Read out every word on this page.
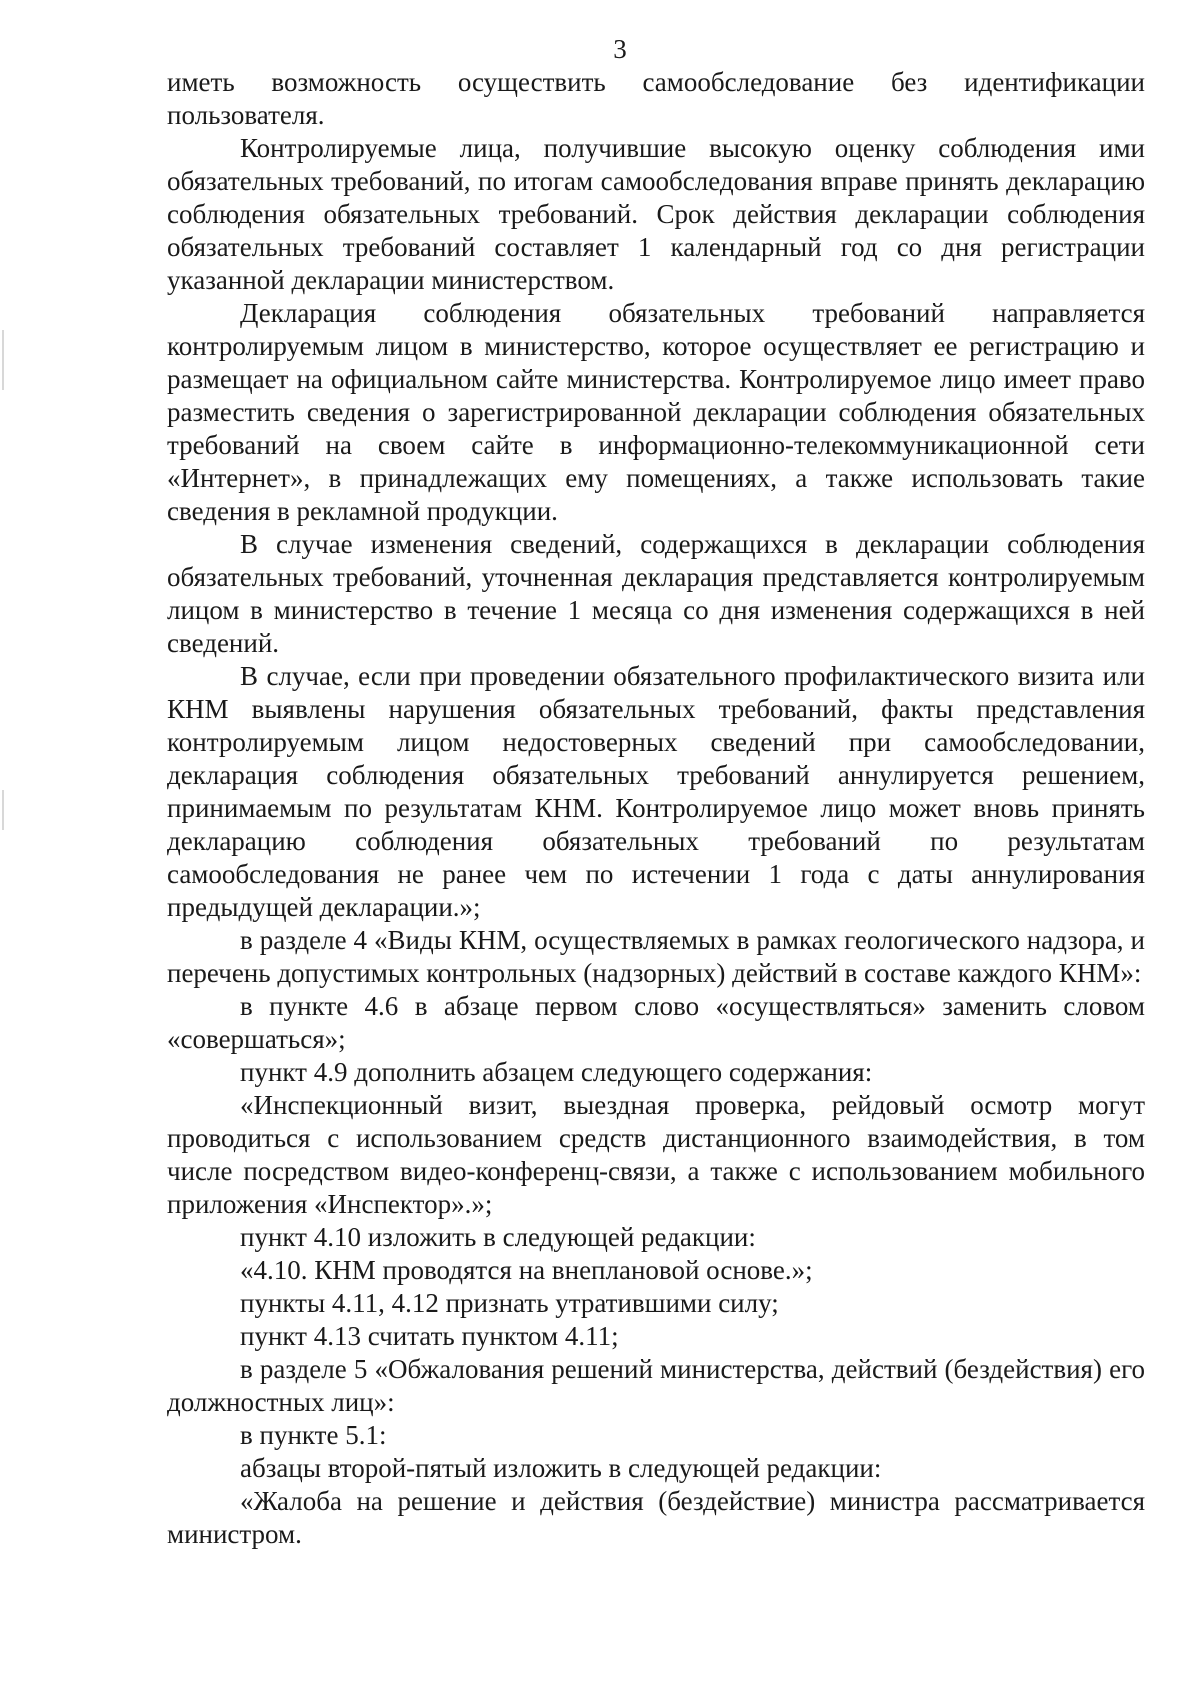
3

иметь возможность осуществить самообследование без идентификации пользователя.

Контролируемые лица, получившие высокую оценку соблюдения ими обязательных требований, по итогам самообследования вправе принять декларацию соблюдения обязательных требований. Срок действия декларации соблюдения обязательных требований составляет 1 календарный год со дня регистрации указанной декларации министерством.

Декларация соблюдения обязательных требований направляется контролируемым лицом в министерство, которое осуществляет ее регистрацию и размещает на официальном сайте министерства. Контролируемое лицо имеет право разместить сведения о зарегистрированной декларации соблюдения обязательных требований на своем сайте в информационно-телекоммуникационной сети «Интернет», в принадлежащих ему помещениях, а также использовать такие сведения в рекламной продукции.

В случае изменения сведений, содержащихся в декларации соблюдения обязательных требований, уточненная декларация представляется контролируемым лицом в министерство в течение 1 месяца со дня изменения содержащихся в ней сведений.

В случае, если при проведении обязательного профилактического визита или КНМ выявлены нарушения обязательных требований, факты представления контролируемым лицом недостоверных сведений при самообследовании, декларация соблюдения обязательных требований аннулируется решением, принимаемым по результатам КНМ. Контролируемое лицо может вновь принять декларацию соблюдения обязательных требований по результатам самообследования не ранее чем по истечении 1 года с даты аннулирования предыдущей декларации.»;

в разделе 4 «Виды КНМ, осуществляемых в рамках геологического надзора, и перечень допустимых контрольных (надзорных) действий в составе каждого КНМ»:

в пункте 4.6 в абзаце первом слово «осуществляться» заменить словом «совершаться»;

пункт 4.9 дополнить абзацем следующего содержания:

«Инспекционный визит, выездная проверка, рейдовый осмотр могут проводиться с использованием средств дистанционного взаимодействия, в том числе посредством видео-конференц-связи, а также с использованием мобильного приложения «Инспектор».»;

пункт 4.10 изложить в следующей редакции:

«4.10. КНМ проводятся на внеплановой основе.»;

пункты 4.11, 4.12 признать утратившими силу;

пункт 4.13 считать пунктом 4.11;

в разделе 5 «Обжалования решений министерства, действий (бездействия) его должностных лиц»:

в пункте 5.1:

абзацы второй-пятый изложить в следующей редакции:

«Жалоба на решение и действия (бездействие) министра рассматривается министром.
